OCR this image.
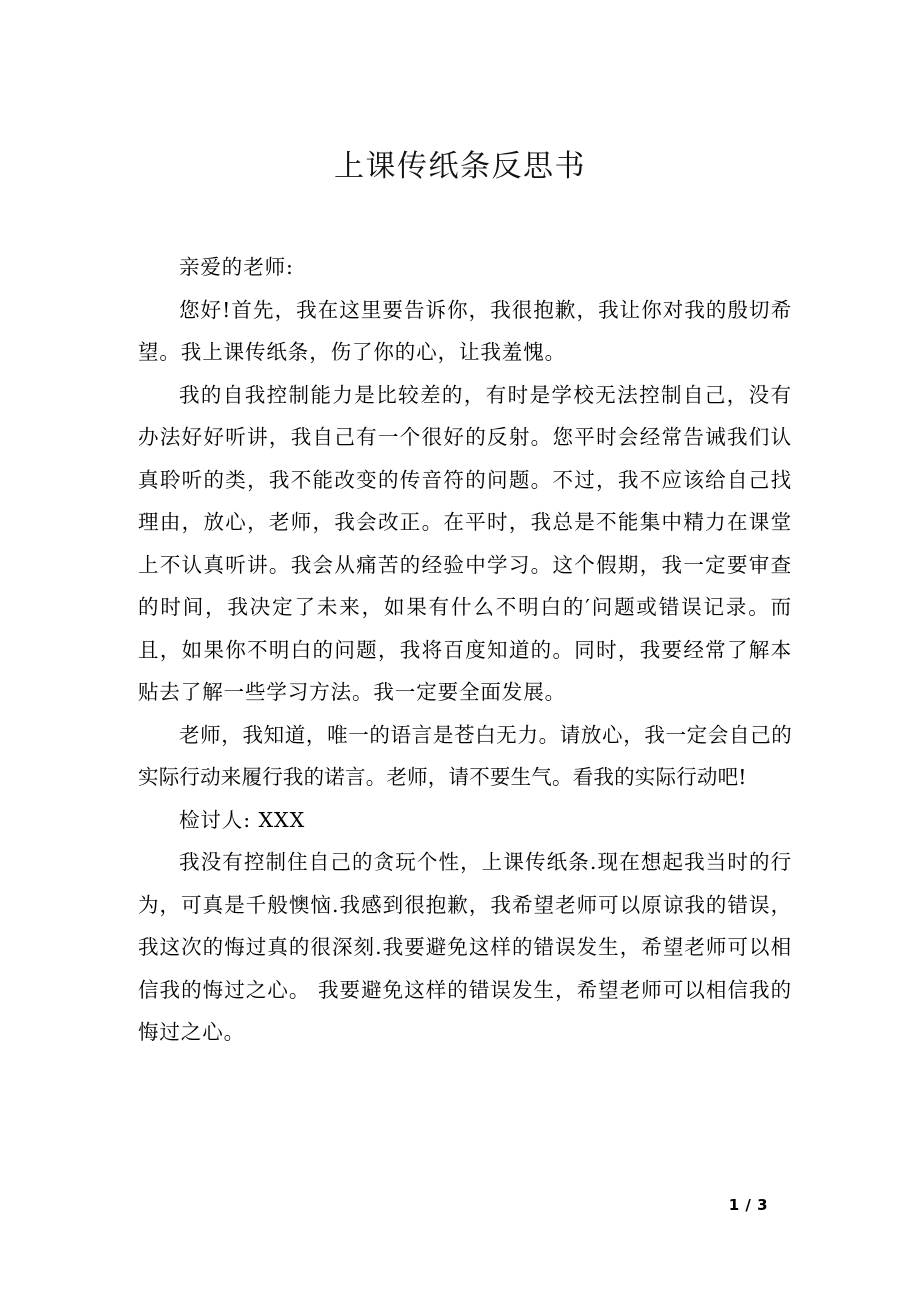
上课传纸条反思书

亲爱的老师:

您好!首先，我在这里要告诉你，我很抱歉，我让你对我的殷切希望。我上课传纸条，伤了你的心，让我羞愧。

我的自我控制能力是比较差的，有时是学校无法控制自己，没有办法好好听讲，我自己有一个很好的反射。您平时会经常告诫我们认真聆听的类，我不能改变的传音符的问题。不过，我不应该给自己找理由，放心，老师，我会改正。在平时，我总是不能集中精力在课堂上不认真听讲。我会从痛苦的经验中学习。这个假期，我一定要审查的时间，我决定了未来，如果有什么不明白的′问题或错误记录。而且，如果你不明白的问题，我将百度知道的。同时，我要经常了解本贴去了解一些学习方法。我一定要全面发展。

老师，我知道，唯一的语言是苍白无力。请放心，我一定会自己的实际行动来履行我的诺言。老师，请不要生气。看我的实际行动吧!

检讨人: XXX

我没有控制住自己的贪玩个性，上课传纸条.现在想起我当时的行为，可真是千般懊恼.我感到很抱歉，我希望老师可以原谅我的错误，我这次的悔过真的很深刻.我要避免这样的错误发生，希望老师可以相信我的悔过之心。 我要避免这样的错误发生，希望老师可以相信我的悔过之心。

1 / 3
